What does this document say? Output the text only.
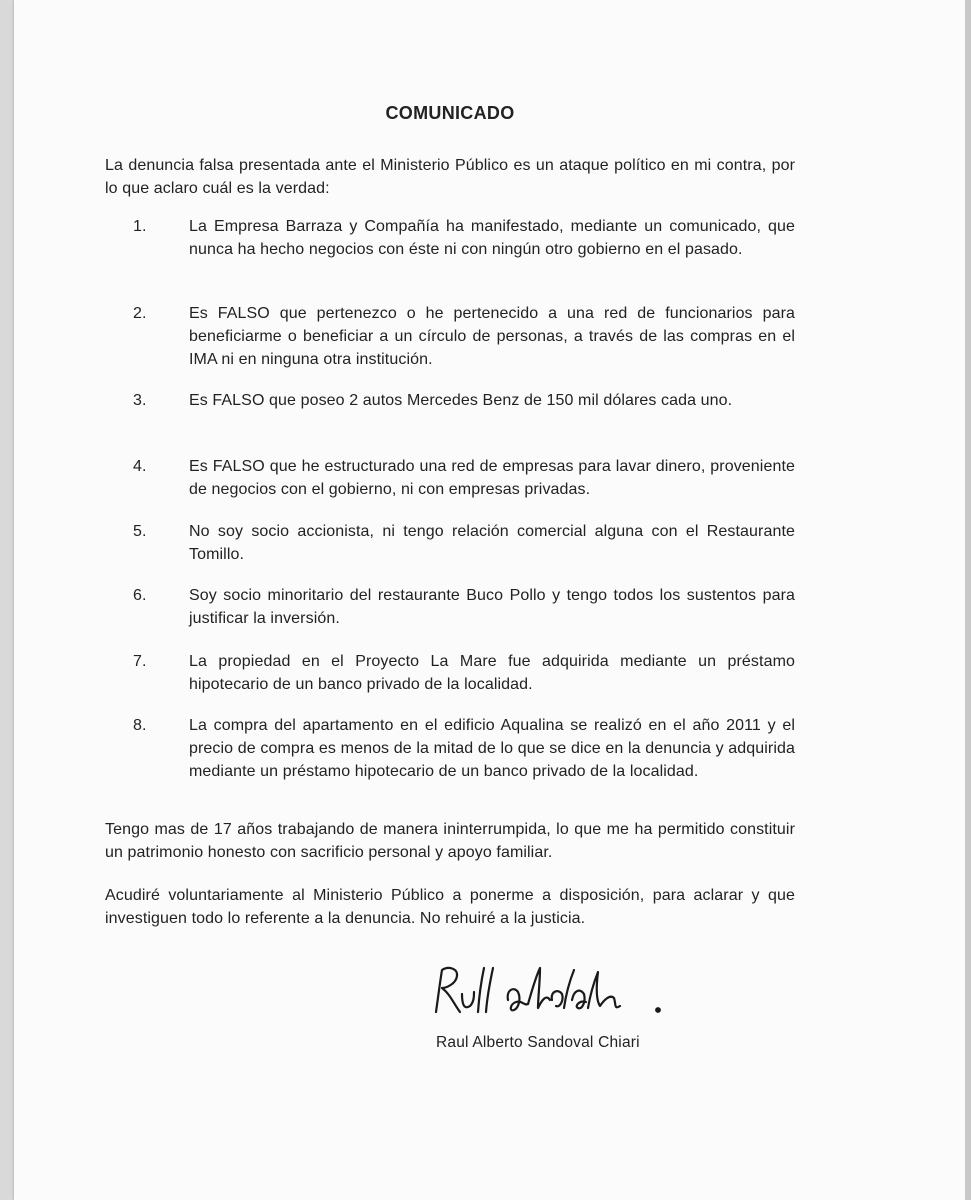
COMUNICADO

La denuncia falsa presentada ante el Ministerio Público es un ataque político en mi contra, por lo que aclaro cuál es la verdad:

1.	La Empresa Barraza y Compañía ha manifestado, mediante un comunicado, que nunca ha hecho negocios con éste ni con ningún otro gobierno en el pasado.

2.	Es FALSO que pertenezco o he pertenecido a una red de funcionarios para beneficiarme o beneficiar a un círculo de personas, a través de las compras en el IMA ni en ninguna otra institución.

3.	Es FALSO que poseo 2 autos Mercedes Benz de 150 mil dólares cada uno.

4.	Es FALSO que he estructurado una red de empresas para lavar dinero, proveniente de negocios con el gobierno, ni con empresas privadas.

5.	No soy socio accionista, ni tengo relación comercial alguna con el Restaurante Tomillo.

6.	Soy socio minoritario del restaurante Buco Pollo y tengo todos los sustentos para justificar la inversión.

7.	La propiedad en el Proyecto La Mare fue adquirida mediante un préstamo hipotecario de un banco privado de la localidad.

8.	La compra del apartamento en el edificio Aqualina se realizó en el año 2011 y el precio de compra es menos de la mitad de lo que se dice en la denuncia y adquirida mediante un préstamo hipotecario de un banco privado de la localidad.

Tengo mas de 17 años trabajando de manera ininterrumpida, lo que me ha permitido constituir un patrimonio honesto con sacrificio personal y apoyo familiar.

Acudiré voluntariamente al Ministerio Público a ponerme a disposición, para aclarar y que investiguen todo lo referente a la denuncia. No rehuiré a la justicia.

Raul Alberto Sandoval Chiari
